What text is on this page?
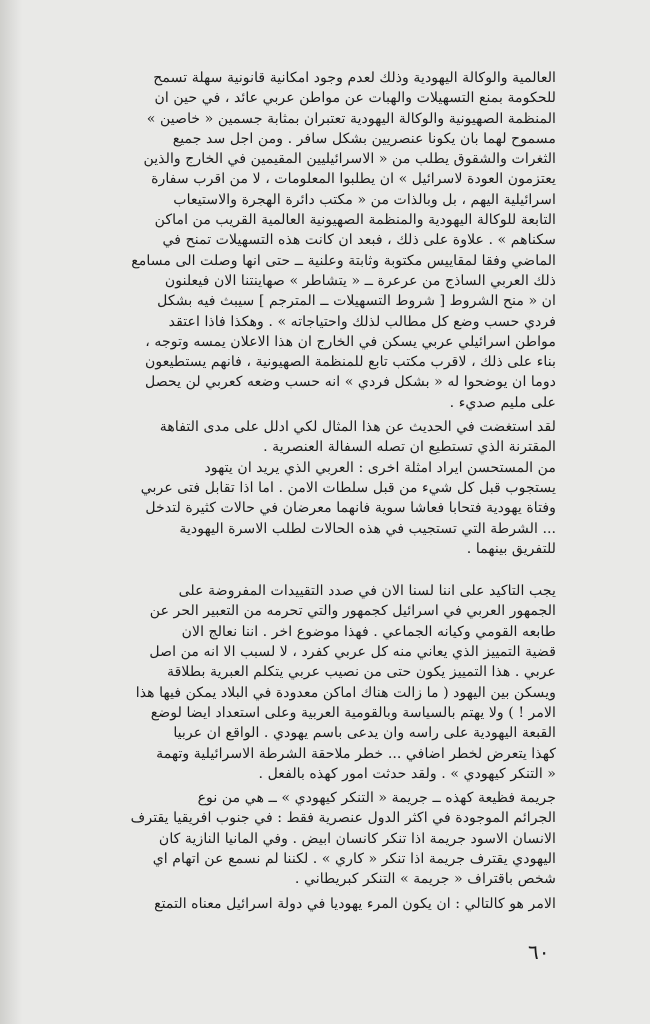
العالمية والوكالة اليهودية وذلك لعدم وجود امكانية قانونية سهلة تسمح
للحكومة بمنع التسهيلات والهبات عن مواطن عربي عائد ، في حين ان
المنظمة الصهيونية والوكالة اليهودية تعتبران بمثابة جسمين « خاصين »
مسموح لهما بان يكونا عنصريين بشكل سافر . ومن اجل سد جميع
الثغرات والشقوق يطلب من « الاسرائيليين المقيمين في الخارج والذين
يعتزمون العودة لاسرائيل » ان يطلبوا المعلومات ، لا من اقرب سفارة
اسرائيلية اليهم ، بل وبالذات من « مكتب دائرة الهجرة والاستيعاب
التابعة للوكالة اليهودية والمنظمة الصهيونية العالمية القريب من اماكن
سكناهم » . علاوة على ذلك ، فبعد ان كانت هذه التسهيلات تمنح في
الماضي وفقا لمقاييس مكتوبة وثابتة وعلنية ــ حتى انها وصلت الى مسامع
ذلك العربي الساذج من عرعرة ــ « يتشاطر » صهاينتنا الان فيعلنون
ان « منح الشروط [ شروط التسهيلات ــ المترجم ] سيبث فيه بشكل
فردي حسب وضع كل مطالب لذلك واحتياجاته » . وهكذا فاذا اعتقد
مواطن اسرائيلي عربي يسكن في الخارج ان هذا الاعلان يمسه وتوجه ،
بناء على ذلك ، لاقرب مكتب تابع للمنظمة الصهيونية ، فانهم يستطيعون
دوما ان يوضحوا له « بشكل فردي » انه حسب وضعه كعربي لن يحصل
على مليم صديء .
لقد استغضت في الحديث عن هذا المثال لكي ادلل على مدى التفاهة
المقترنة الذي تستطيع ان تصله السفالة العنصرية .
من المستحسن ايراد امثلة اخرى : العربي الذي يريد ان يتهود
يستجوب قبل كل شيء من قبل سلطات الامن . اما اذا تقابل فتى عربي
وفتاة يهودية فتحابا فعاشا سوية فانهما معرضان في حالات كثيرة لتدخل
... الشرطة التي تستجيب في هذه الحالات لطلب الاسرة اليهودية
للتفريق بينهما .
يجب التاكيد على اننا لسنا الان في صدد التقييدات المفروضة على
الجمهور العربي في اسرائيل كجمهور والتي تحرمه من التعبير الحر عن
طابعه القومي وكيانه الجماعي . فهذا موضوع اخر . اننا نعالج الان
قضية التمييز الذي يعاني منه كل عربي كفرد ، لا لسبب الا انه من اصل
عربي . هذا التمييز يكون حتى من نصيب عربي يتكلم العبرية بطلاقة
ويسكن بين اليهود ( ما زالت هناك اماكن معدودة في البلاد يمكن فيها هذا
الامر ! ) ولا يهتم بالسياسة وبالقومية العربية وعلى استعداد ايضا لوضع
القبعة اليهودية على راسه وان يدعى باسم يهودي . الواقع ان عربيا
كهذا يتعرض لخطر اضافي ... خطر ملاحقة الشرطة الاسرائيلية وتهمة
« التنكر كيهودي » . ولقد حدثت امور كهذه بالفعل .
جريمة فظيعة كهذه ــ جريمة « التنكر كيهودي » ــ هي من نوع
الجرائم الموجودة في اكثر الدول عنصرية فقط : في جنوب افريقيا يقترف
الانسان الاسود جريمة اذا تنكر كانسان ابيض . وفي المانيا النازية كان
اليهودي يقترف جريمة اذا تنكر « كاري » . لكننا لم نسمع عن اتهام اي
شخص باقتراف « جريمة » التنكر كبريطاني .
الامر هو كالتالي : ان يكون المرء يهوديا في دولة اسرائيل معناه التمتع
٦٠
